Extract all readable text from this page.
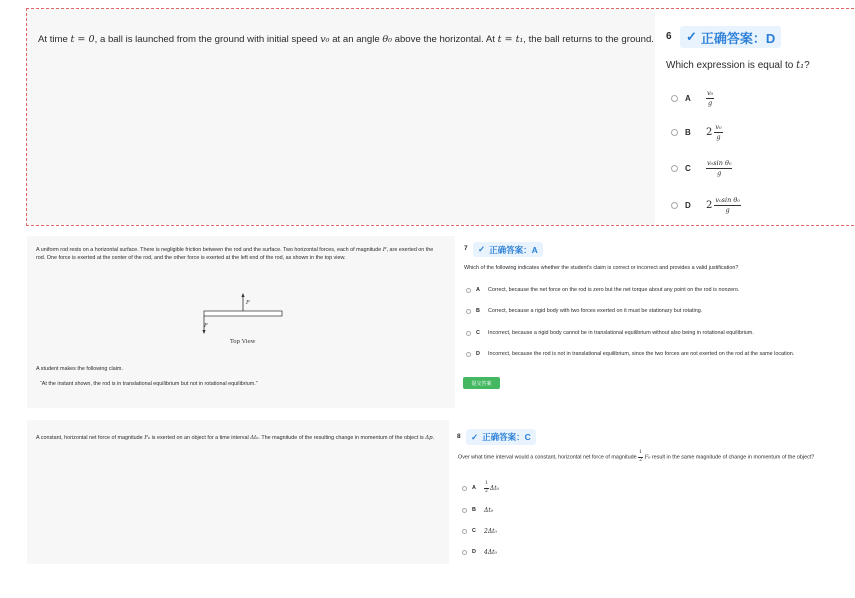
At time t = 0, a ball is launched from the ground with initial speed v₀ at an angle θ₀ above the horizontal. At t = t₁, the ball returns to the ground. 6 ✓ 正确答案：D
Which expression is equal to t₁?
A	$\frac{\text{v₀}}{g}$
B	$2 \frac{\text{v₀}}{g}$
C	$\frac{\text{v₀sin θ₀}}{g}$
D	$2 \frac{\text{v₀sin θ₀}}{g}$
A uniform rod rests on a horizontal surface. There is negligible friction between the rod and the surface. Two horizontal forces, each of magnitude F, are exerted on the rod. One force is exerted at the center of the rod, and the other force is exerted at the left end of the rod, as shown in the top view.
F
F
Top View
A student makes the following claim.
“At the instant shown, the rod is in translational equilibrium but not in rotational equilibrium.”
7 ✓ 正确答案：A
Which of the following indicates whether the student’s claim is correct or incorrect and provides a valid justification?
A	Correct, because the net force on the rod is zero but the net torque about any point on the rod is nonzero.
B	Correct, because a rigid body with two forces exerted on it must be stationary but rotating.
C	Incorrect, because a rigid body cannot be in translational equilibrium without also being in rotational equilibrium.
D	Incorrect, because the rod is not in translational equilibrium, since the two forces are not exerted on the rod at the same location.
提交答案
A constant, horizontal net force of magnitude F₀ is exerted on an object for a time interval Δt₀. The magnitude of the resulting change in momentum of the object is Δp.	8 ✓ 正确答案：C
Over what time interval would a constant, horizontal net force of magnitude $\frac{1}{2} F_0$ result in the same magnitude of change in momentum of the object?
A	$\frac{1}{2} \Delta t_0$
B	Δt₀
C	2Δt₀
D	4Δt₀
